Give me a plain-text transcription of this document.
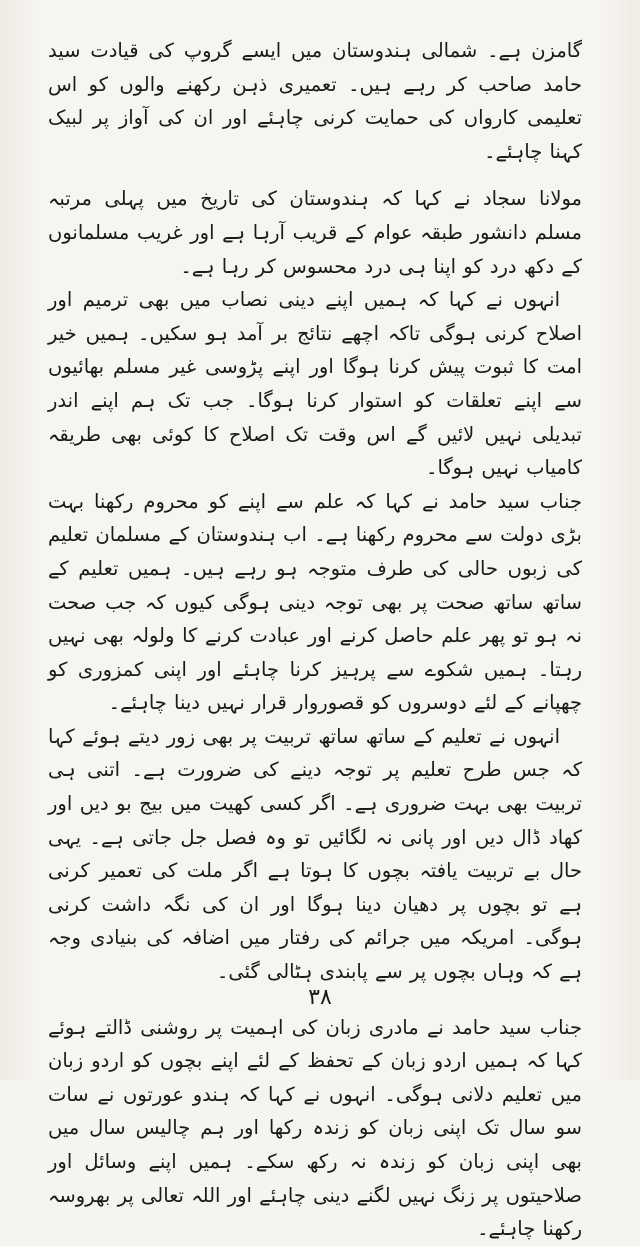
گامزن ہے۔ شمالی ہندوستان میں ایسے گروپ کی قیادت سید حامد صاحب کر رہے ہیں۔ تعمیری ذہن رکھنے والوں کو اس تعلیمی کارواں کی حمایت کرنی چاہئے اور ان کی آواز پر لبیک کہنا چاہئے۔

مولانا سجاد نے کہا کہ ہندوستان کی تاریخ میں پہلی مرتبہ مسلم دانشور طبقہ عوام کے قریب آرہا ہے اور غریب مسلمانوں کے دکھ درد کو اپنا ہی درد محسوس کر رہا ہے۔

انہوں نے کہا کہ ہمیں اپنے دینی نصاب میں بھی ترمیم اور اصلاح کرنی ہوگی تاکہ اچھے نتائج بر آمد ہو سکیں۔ ہمیں خیر امت کا ثبوت پیش کرنا ہوگا اور اپنے پڑوسی غیر مسلم بھائیوں سے اپنے تعلقات کو استوار کرنا ہوگا۔ جب تک ہم اپنے اندر تبدیلی نہیں لائیں گے اس وقت تک اصلاح کا کوئی بھی طریقہ کامیاب نہیں ہوگا۔

جناب سید حامد نے کہا کہ علم سے اپنے کو محروم رکھنا بہت بڑی دولت سے محروم رکھنا ہے۔ اب ہندوستان کے مسلمان تعلیم کی زبوں حالی کی طرف متوجہ ہو رہے ہیں۔ ہمیں تعلیم کے ساتھ ساتھ صحت پر بھی توجہ دینی ہوگی کیوں کہ جب صحت نہ ہو تو پھر علم حاصل کرنے اور عبادت کرنے کا ولولہ بھی نہیں رہتا۔ ہمیں شکوے سے پرہیز کرنا چاہئے اور اپنی کمزوری کو چھپانے کے لئے دوسروں کو قصوروار قرار نہیں دینا چاہئے۔

انہوں نے تعلیم کے ساتھ ساتھ تربیت پر بھی زور دیتے ہوئے کہا کہ جس طرح تعلیم پر توجہ دینے کی ضرورت ہے۔ اتنی ہی تربیت بھی بہت ضروری ہے۔ اگر کسی کھیت میں بیج بو دیں اور کھاد ڈال دیں اور پانی نہ لگائیں تو وہ فصل جل جاتی ہے۔ یہی حال بے تربیت یافتہ بچوں کا ہوتا ہے اگر ملت کی تعمیر کرنی ہے تو بچوں پر دھیان دینا ہوگا اور ان کی نگہ داشت کرنی ہوگی۔ امریکہ میں جرائم کی رفتار میں اضافہ کی بنیادی وجہ ہے کہ وہاں بچوں پر سے پابندی ہٹالی گئی۔

جناب سید حامد نے مادری زبان کی اہمیت پر روشنی ڈالتے ہوئے کہا کہ ہمیں اردو زبان کے تحفظ کے لئے اپنے بچوں کو اردو زبان میں تعلیم دلانی ہوگی۔ انہوں نے کہا کہ ہندو عورتوں نے سات سو سال تک اپنی زبان کو زندہ رکھا اور ہم چالیس سال میں بھی اپنی زبان کو زندہ نہ رکھ سکے۔ ہمیں اپنے وسائل اور صلاحیتوں پر زنگ نہیں لگنے دینی چاہئے اور اللہ تعالی پر بھروسہ رکھنا چاہئے۔

۳۸
